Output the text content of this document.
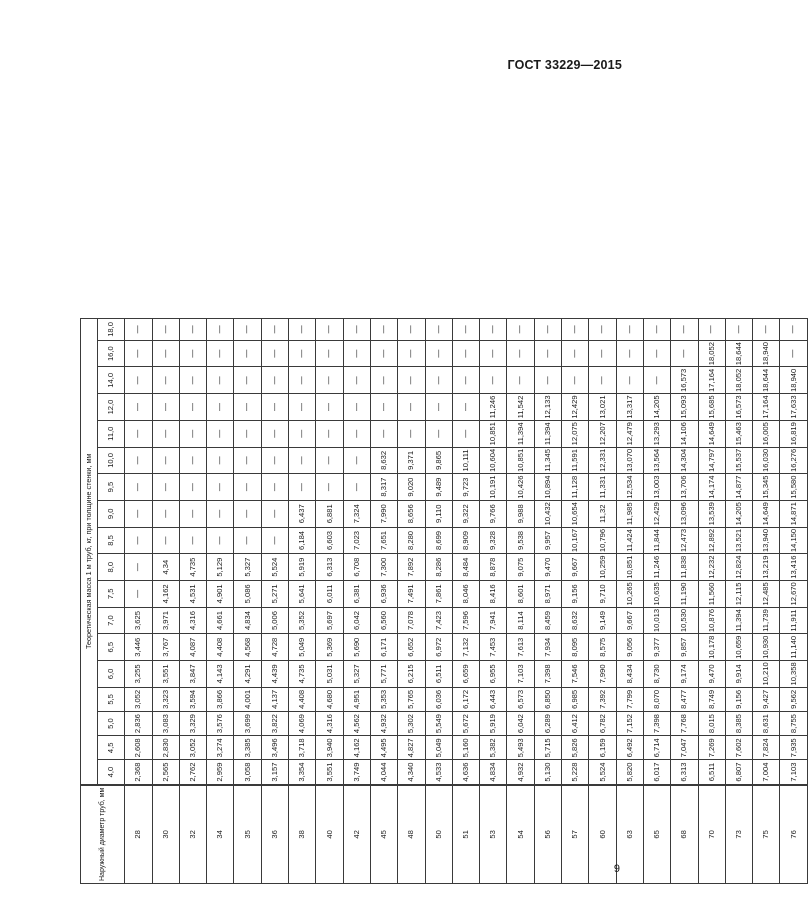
ГОСТ 33229—2015
Наружный диаметр труб, мм	Теоретическая масса 1 м труб, кг, при толщине стенки, мм																	
	4,0	4,5	5,0	5,5	6,0	6,5	7,0	7,5	8,0	8,5	9,0	9,5	10,0	11,0	12,0	14,0	16,0	18,0
28	2,368	2,608	2,836	3,052	3,255	3,446	3,625	—	—	—	—	—	—	—	—	—	—	—
30	2,565	2,830	3,083	3,323	3,551	3,767	3,971	4,162	4,34	—	—	—	—	—	—	—	—	—
32	2,762	3,052	3,329	3,594	3,847	4,087	4,316	4,531	4,735	—	—	—	—	—	—	—	—	—
34	2,959	3,274	3,576	3,866	4,143	4,408	4,661	4,901	5,129	—	—	—	—	—	—	—	—	—
35	3,058	3,385	3,699	4,001	4,291	4,568	4,834	5,086	5,327	—	—	—	—	—	—	—	—	—
36	3,157	3,496	3,822	4,137	4,439	4,728	5,006	5,271	5,524	—	—	—	—	—	—	—	—	—
38	3,354	3,718	4,069	4,408	4,735	5,049	5,352	5,641	5,919	6,184	6,437	—	—	—	—	—	—	—
40	3,551	3,940	4,316	4,680	5,031	5,369	5,697	6,011	6,313	6,603	6,881	—	—	—	—	—	—	—
42	3,749	4,162	4,562	4,951	5,327	5,690	6,042	6,381	6,708	7,023	7,324	—	—	—	—	—	—	—
45	4,044	4,495	4,932	5,353	5,771	6,171	6,560	6,936	7,300	7,651	7,990	8,317	8,632	—	—	—	—	—
48	4,340	4,827	5,302	5,765	6,215	6,652	7,078	7,491	7,892	8,280	8,656	9,020	9,371	—	—	—	—	—
50	4,533	5,049	5,549	6,036	6,511	6,972	7,423	7,861	8,286	8,699	9,110	9,489	9,865	—	—	—	—	—
51	4,636	5,160	5,672	6,172	6,659	7,132	7,596	8,046	8,484	8,909	9,322	9,723	10,111	—	—	—	—	—
53	4,834	5,382	5,919	6,443	6,955	7,453	7,941	8,416	8,878	9,328	9,766	10,191	10,604	10,851	11,246	—	—	—
54	4,932	5,493	6,042	6,573	7,103	7,613	8,114	8,601	9,075	9,538	9,988	10,426	10,851	11,394	11,542	—	—	—
56	5,130	5,715	6,289	6,850	7,398	7,934	8,459	8,971	9,470	9,957	10,432	10,894	11,345	11,394	12,133	—	—	—
57	5,228	5,826	6,412	6,985	7,546	8,095	8,632	9,156	9,667	10,167	10,654	11,128	11,591	12,075	12,429	—	—	—
60	5,524	6,159	6,782	7,392	7,990	8,575	9,149	9,710	10,259	10,796	11,32	11,331	12,331	12,207	13,021	—	—	—
63	5,820	6,492	7,152	7,799	8,434	9,056	9,667	10,265	10,851	11,424	11,985	12,534	13,070	12,479	13,317	—	—	—
65	6,017	6,714	7,398	8,070	8,730	9,377	10,013	10,635	11,246	11,844	12,429	13,003	13,564	13,293	14,205	—	—	—
68	6,313	7,047	7,768	8,477	9,174	9,857	10,530	11,190	11,838	12,473	13,096	13,706	14,304	14,106	15,093	16,573	—	—
70	6,511	7,269	8,015	8,749	9,470	10,178	10,876	11,560	12,232	12,892	13,539	14,174	14,797	14,649	15,685	17,164	18,052	—
73	6,807	7,602	8,385	9,156	9,914	10,659	11,394	12,115	12,824	13,521	14,205	14,877	15,537	15,463	16,573	18,052	18,644	—
75	7,004	7,824	8,631	9,427	10,210	10,930	11,739	12,485	13,219	13,940	14,649	15,345	16,030	16,005	17,164	18,644	18,940	—
76	7,103	7,935	8,755	9,562	10,358	11,140	11,911	12,670	13,416	14,150	14,871	15,580	16,276	16,819	17,633	18,940	—	—
9
